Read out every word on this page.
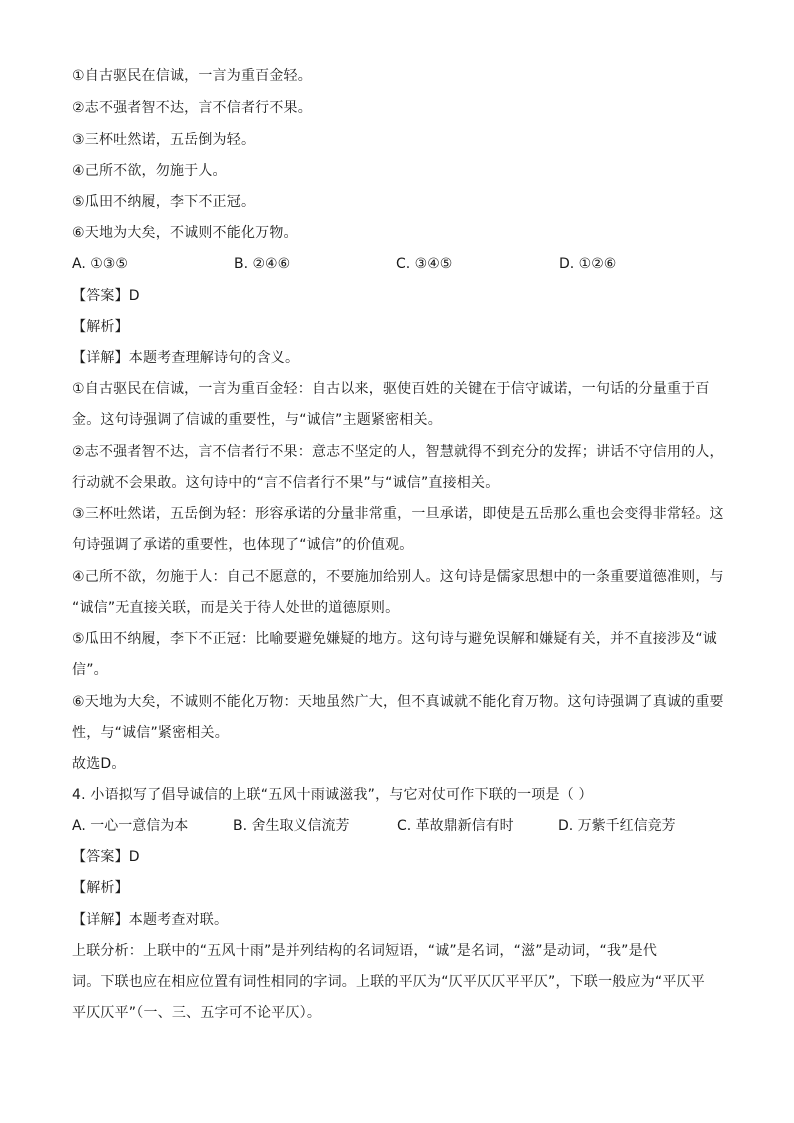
①自古驱民在信诚，一言为重百金轻。
②志不强者智不达，言不信者行不果。
③三杯吐然诺，五岳倒为轻。
④己所不欲，勿施于人。
⑤瓜田不纳履，李下不正冠。
⑥天地为大矣，不诚则不能化万物。
A. ①③⑤	B. ②④⑥	C. ③④⑤	D. ①②⑥
【答案】D
【解析】
【详解】本题考查理解诗句的含义。
①自古驱民在信诚，一言为重百金轻：自古以来，驱使百姓的关键在于信守诚诺，一句话的分量重于百
金。这句诗强调了信诚的重要性，与“诚信”主题紧密相关。
②志不强者智不达，言不信者行不果：意志不坚定的人，智慧就得不到充分的发挥；讲话不守信用的人，
行动就不会果敢。这句诗中的“言不信者行不果”与“诚信”直接相关。
③三杯吐然诺，五岳倒为轻：形容承诺的分量非常重，一旦承诺，即使是五岳那么重也会变得非常轻。这
句诗强调了承诺的重要性，也体现了“诚信”的价值观。
④己所不欲，勿施于人：自己不愿意的，不要施加给别人。这句诗是儒家思想中的一条重要道德准则，与
“诚信”无直接关联，而是关于待人处世的道德原则。
⑤瓜田不纳履，李下不正冠：比喻要避免嫌疑的地方。这句诗与避免误解和嫌疑有关，并不直接涉及“诚
信”。
⑥天地为大矣，不诚则不能化万物：天地虽然广大，但不真诚就不能化育万物。这句诗强调了真诚的重要
性，与“诚信”紧密相关。
故选D。
4. 小语拟写了倡导诚信的上联“五风十雨诚滋我”，与它对仗可作下联的一项是（ ）
A. 一心一意信为本	B. 舍生取义信流芳	C. 革故鼎新信有时	D. 万紫千红信竞芳
【答案】D
【解析】
【详解】本题考查对联。
上联分析：上联中的“五风十雨”是并列结构的名词短语，“诚”是名词，“滋”是动词，“我”是代
词。下联也应在相应位置有词性相同的字词。上联的平仄为“仄平仄仄平平仄”，下联一般应为“平仄平
平仄仄平”（一、三、五字可不论平仄）。
